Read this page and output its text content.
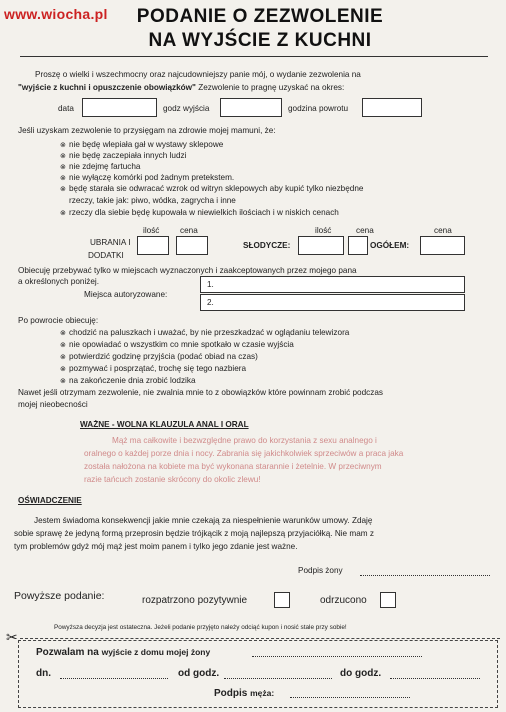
www.wiocha.pl	PODANIE O ZEZWOLENIE
NA WYJŚCIE Z KUCHNI
Proszę o wielki i wszechmocny oraz najcudowniejszy panie mój, o wydanie zezwolenia na
"wyjście z kuchni i opuszczenie obowiązków" Zezwolenie to pragnę uzyskać na okres:
data	godz wyjścia	godzina powrotu
Jeśli uzyskam zezwolenie to przysięgam na zdrowie mojej mamuni, że:
⊗ nie będę wlepiała gał w wystawy sklepowe
⊗ nie będę zaczepiała innych ludzi
⊗ nie zdejmę fartucha
⊗ nie wyłączę komórki pod żadnym pretekstem.
⊗ będę starała sie odwracać wzrok od witryn sklepowych aby kupić tylko niezbędne
rzeczy, takie jak: piwo, wódka, zagrycha i inne
⊗ rzeczy dla siebie będę kupowała w niewielkich ilościach i w niskich cenach
ilość	cena	ilość	cena	cena
UBRANIA I
DODATKI
SŁODYCZE:	OGÓŁEM:
Obiecuję przebywać tylko w miejscach wyznaczonych i zaakceptowanych przez mojego pana
a określonych poniżej.
Miejsca autoryzowane:
1.
2.
Po powrocie obiecuję:
⊗ chodzić na paluszkach i uważać, by nie przeszkadzać w oglądaniu telewizora
⊗ nie opowiadać o wszystkim co mnie spotkało w czasie wyjścia
⊗ potwierdzić godzinę przyjścia (podać obiad na czas)
⊗ pozmywać i posprzątać, trochę się tego nazbiera
⊗ na zakończenie dnia zrobić lodzika
Nawet jeśli otrzymam zezwolenie, nie zwalnia mnie to z obowiązków które powinnam zrobić podczas
mojej nieobecności
WAŻNE - WOLNA KLAUZULA ANAL I ORAL
Mąż ma całkowite i bezwzględne prawo do korzystania z sexu analnego i
oralnego o każdej porze dnia i nocy. Zabrania się jakichkolwiek sprzeciwów a praca jaka
została nałożona na kobiete ma być wykonana starannie i żetelnie. W przeciwnym
razie tańcuch zostanie skrócony do okolic zlewu!
OŚWIADCZENIE
Jestem świadoma konsekwencji jakie mnie czekają za niespełnienie warunków umowy. Zdaję
sobie sprawę że jedyną formą przeprosin będzie trójkącik z moją najlepszą przyjaciółką. Nie mam z
tym problemów gdyż mój mąż jest moim panem i tylko jego zdanie jest ważne.
Podpis żony
Powyższe podanie:	rozpatrzono pozytywnie	odrzucono
Powyższa decyzja jest ostateczna. Jeżeli podanie przyjęto należy odciąć kupon i nosić stale przy sobie!
✂
Pozwalam na wyjście z domu mojej żony
dn.	od godz.	do godz.
Podpis męża:
